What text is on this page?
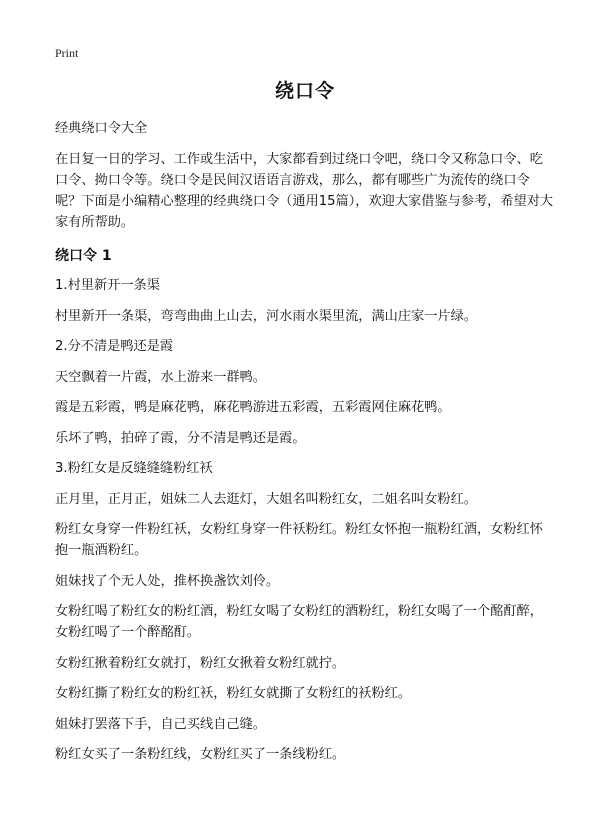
Print
绕口令

经典绕口令大全

在日复一日的学习、工作或生活中，大家都看到过绕口令吧，绕口令又称急口令、吃口令、拗口令等。绕口令是民间汉语语言游戏，那么，都有哪些广为流传的绕口令呢？下面是小编精心整理的经典绕口令（通用15篇），欢迎大家借鉴与参考，希望对大家有所帮助。

绕口令 1

1.村里新开一条渠

村里新开一条渠，弯弯曲曲上山去，河水雨水渠里流，满山庄家一片绿。

2.分不清是鸭还是霞

天空飘着一片霞，水上游来一群鸭。

霞是五彩霞，鸭是麻花鸭，麻花鸭游进五彩霞，五彩霞网住麻花鸭。

乐坏了鸭，拍碎了霞，分不清是鸭还是霞。

3.粉红女是反缝缝缝粉红袄

正月里，正月正，姐妹二人去逛灯，大姐名叫粉红女，二姐名叫女粉红。

粉红女身穿一件粉红袄，女粉红身穿一件袄粉红。粉红女怀抱一瓶粉红酒，女粉红怀抱一瓶酒粉红。

姐妹找了个无人处，推杯换盏饮刘伶。

女粉红喝了粉红女的粉红酒，粉红女喝了女粉红的酒粉红，粉红女喝了一个酩酊醉，女粉红喝了一个醉酩酊。

女粉红揪着粉红女就打，粉红女揪着女粉红就拧。

女粉红撕了粉红女的粉红袄，粉红女就撕了女粉红的袄粉红。

姐妹打罢落下手，自己买线自己缝。

粉红女买了一条粉红线，女粉红买了一条线粉红。
